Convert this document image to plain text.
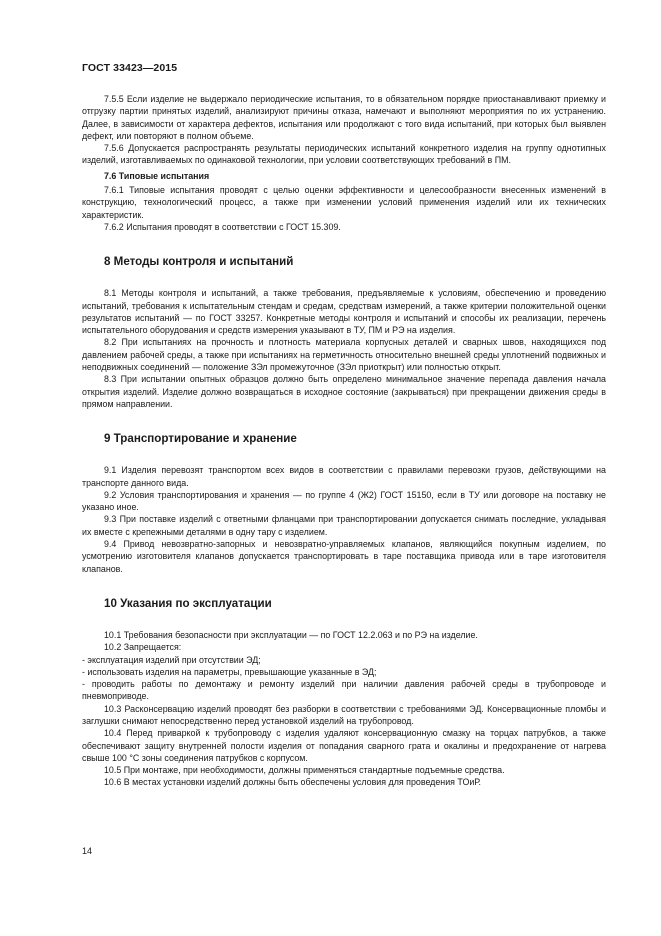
ГОСТ 33423—2015

7.5.5 Если изделие не выдержало периодические испытания, то в обязательном порядке приостанавливают приемку и отгрузку партии принятых изделий, анализируют причины отказа, намечают и выполняют мероприятия по их устранению. Далее, в зависимости от характера дефектов, испытания или продолжают с того вида испытаний, при которых был выявлен дефект, или повторяют в полном объеме.

7.5.6 Допускается распространять результаты периодических испытаний конкретного изделия на группу однотипных изделий, изготавливаемых по одинаковой технологии, при условии соответствующих требований в ПМ.

7.6 Типовые испытания

7.6.1 Типовые испытания проводят с целью оценки эффективности и целесообразности внесенных изменений в конструкцию, технологический процесс, а также при изменении условий применения изделий или их технических характеристик.

7.6.2 Испытания проводят в соответствии с ГОСТ 15.309.

8 Методы контроля и испытаний

8.1 Методы контроля и испытаний, а также требования, предъявляемые к условиям, обеспечению и проведению испытаний, требования к испытательным стендам и средам, средствам измерений, а также критерии положительной оценки результатов испытаний — по ГОСТ 33257. Конкретные методы контроля и испытаний и способы их реализации, перечень испытательного оборудования и средств измерения указывают в ТУ, ПМ и РЭ на изделия.

8.2 При испытаниях на прочность и плотность материала корпусных деталей и сварных швов, находящихся под давлением рабочей среды, а также при испытаниях на герметичность относительно внешней среды уплотнений подвижных и неподвижных соединений — положение ЗЭл промежуточное (ЗЭл приоткрыт) или полностью открыт.

8.3 При испытании опытных образцов должно быть определено минимальное значение перепада давления начала открытия изделий. Изделие должно возвращаться в исходное состояние (закрываться) при прекращении движения среды в прямом направлении.

9 Транспортирование и хранение

9.1 Изделия перевозят транспортом всех видов в соответствии с правилами перевозки грузов, действующими на транспорте данного вида.

9.2 Условия транспортирования и хранения — по группе 4 (Ж2) ГОСТ 15150, если в ТУ или договоре на поставку не указано иное.

9.3 При поставке изделий с ответными фланцами при транспортировании допускается снимать последние, укладывая их вместе с крепежными деталями в одну тару с изделием.

9.4 Привод невозвратно-запорных и невозвратно-управляемых клапанов, являющийся покупным изделием, по усмотрению изготовителя клапанов допускается транспортировать в таре поставщика привода или в таре изготовителя клапанов.

10 Указания по эксплуатации

10.1 Требования безопасности при эксплуатации — по ГОСТ 12.2.063 и по РЭ на изделие.

10.2 Запрещается:

- эксплуатация изделий при отсутствии ЭД;

- использовать изделия на параметры, превышающие указанные в ЭД;

- проводить работы по демонтажу и ремонту изделий при наличии давления рабочей среды в трубопроводе и пневмоприводе.

10.3 Расконсервацию изделий проводят без разборки в соответствии с требованиями ЭД. Консервационные пломбы и заглушки снимают непосредственно перед установкой изделий на трубопровод.

10.4 Перед приваркой к трубопроводу с изделия удаляют консервационную смазку на торцах патрубков, а также обеспечивают защиту внутренней полости изделия от попадания сварного грата и окалины и предохранение от нагрева свыше 100 °С зоны соединения патрубков с корпусом.

10.5 При монтаже, при необходимости, должны применяться стандартные подъемные средства.

10.6 В местах установки изделий должны быть обеспечены условия для проведения ТОиР.

14
